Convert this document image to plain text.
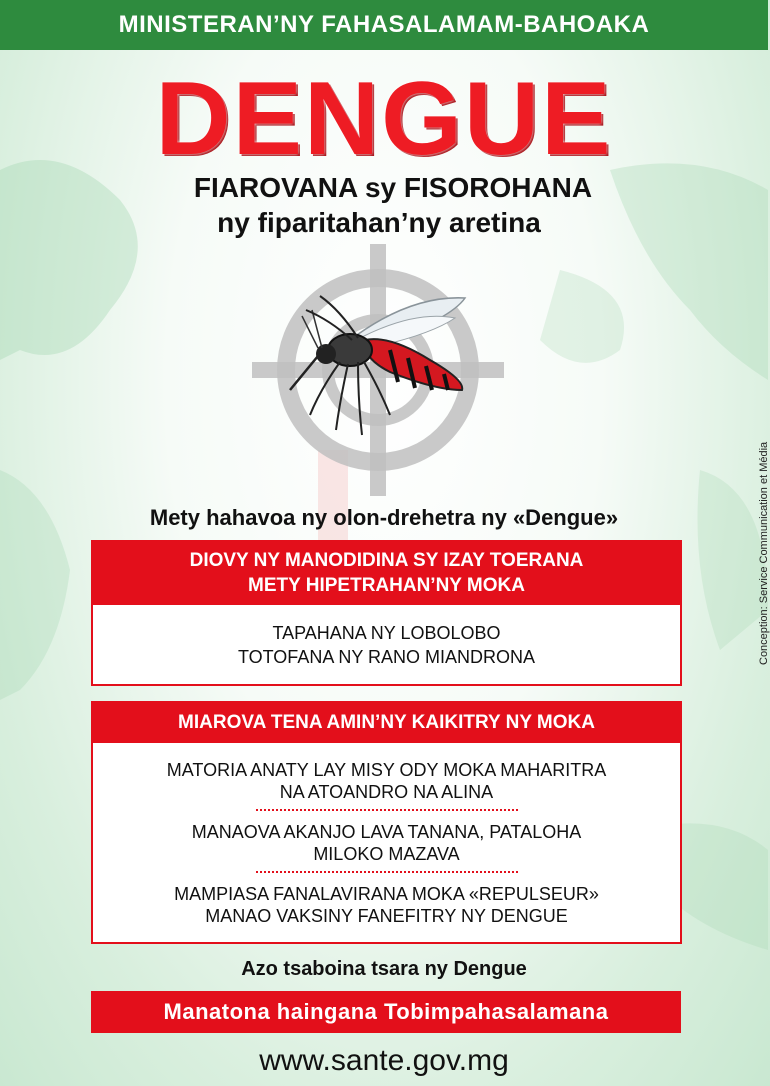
MINISTERAN’NY FAHASALAMAM-BAHOAKA
DENGUE
FIAROVANA sy FISOROHANA
ny fiparitahan’ny aretina
Mety hahavoa ny olon-drehetra ny «Dengue»
DIOVY NY MANODIDINA SY IZAY TOERANA
METY HIPETRAHAN’NY MOKA
TAPAHANA NY LOBOLOBO
TOTOFANA NY RANO MIANDRONA
MIAROVA TENA AMIN’NY KAIKITRY NY MOKA
MATORIA ANATY LAY MISY ODY MOKA MAHARITRA
NA ATOANDRO NA ALINA
MANAOVA AKANJO LAVA TANANA, PATALOHA
MILOKO MAZAVA
MAMPIASA FANALAVIRANA MOKA «REPULSEUR»
MANAO VAKSINY FANEFITRY NY DENGUE
Azo tsaboina tsara ny Dengue
Manatona haingana Tobimpahasalamana
www.sante.gov.mg
Conception: Service Communication et Média
